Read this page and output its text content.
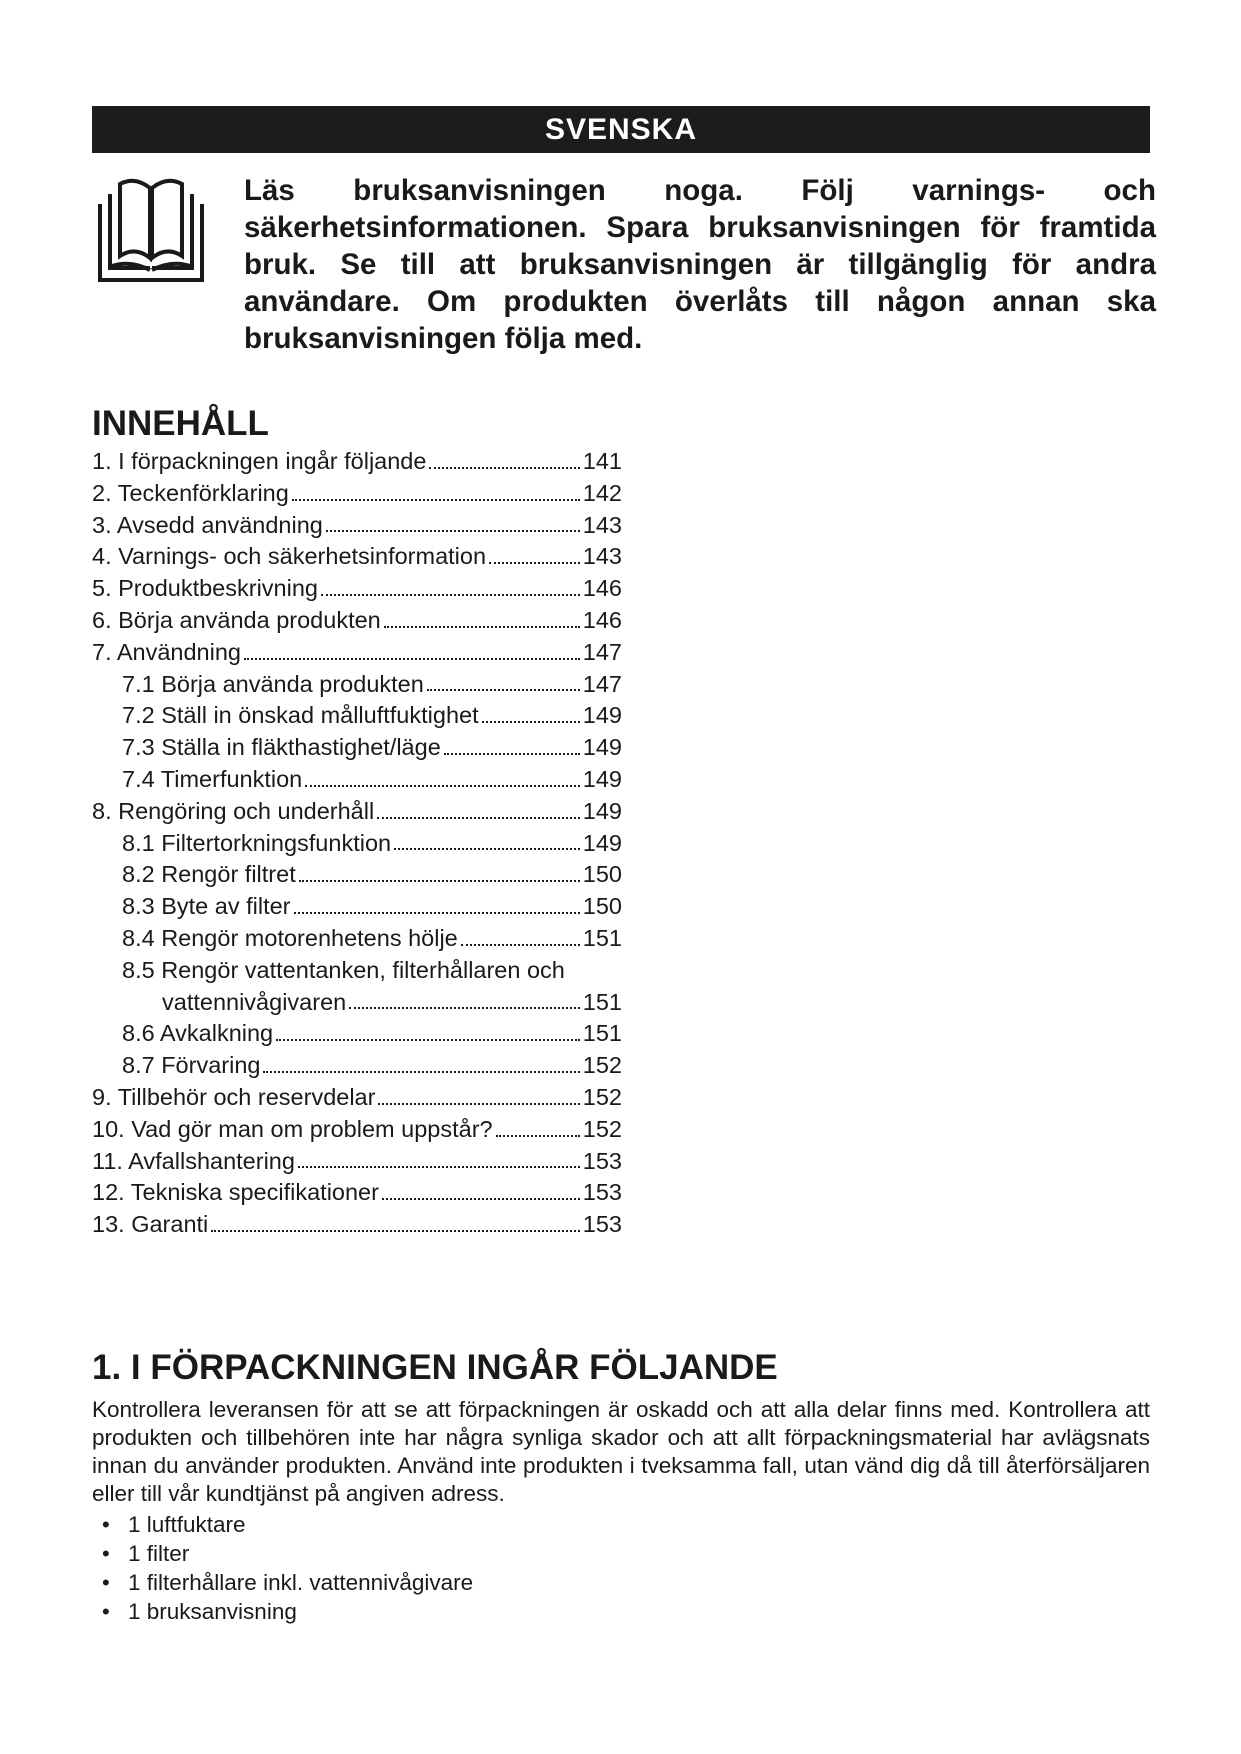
SVENSKA
Läs bruksanvisningen noga. Följ varnings- och säkerhetsinformationen. Spara bruksanvisningen för framtida bruk. Se till att bruksanvisningen är tillgänglig för andra användare. Om produkten överlåts till någon annan ska bruksanvisningen följa med.
INNEHÅLL
1. I förpackningen ingår följande	141
2. Teckenförklaring	142
3. Avsedd användning	143
4. Varnings- och säkerhetsinformation	143
5. Produktbeskrivning	146
6. Börja använda produkten	146
7. Användning	147
7.1 Börja använda produkten	147
7.2 Ställ in önskad målluftfuktighet	149
7.3 Ställa in fläkthastighet/läge	149
7.4 Timerfunktion	149
8. Rengöring och underhåll	149
8.1 Filtertorkningsfunktion	149
8.2 Rengör filtret	150
8.3 Byte av filter	150
8.4 Rengör motorenhetens hölje	151
8.5 Rengör vattentanken, filterhållaren och
vattennivågivaren	151
8.6 Avkalkning	151
8.7 Förvaring	152
9. Tillbehör och reservdelar	152
10. Vad gör man om problem uppstår?	152
11. Avfallshantering	153
12. Tekniska specifikationer	153
13. Garanti	153
1. I FÖRPACKNINGEN INGÅR FÖLJANDE

Kontrollera leveransen för att se att förpackningen är oskadd och att alla delar finns med. Kontrollera att produkten och tillbehören inte har några synliga skador och att allt förpackningsmaterial har avlägsnats innan du använder produkten. Använd inte produkten i tveksamma fall, utan vänd dig då till återförsäljaren eller till vår kundtjänst på angiven adress.

• 1 luftfuktare
• 1 filter
• 1 filterhållare inkl. vattennivågivare
• 1 bruksanvisning
